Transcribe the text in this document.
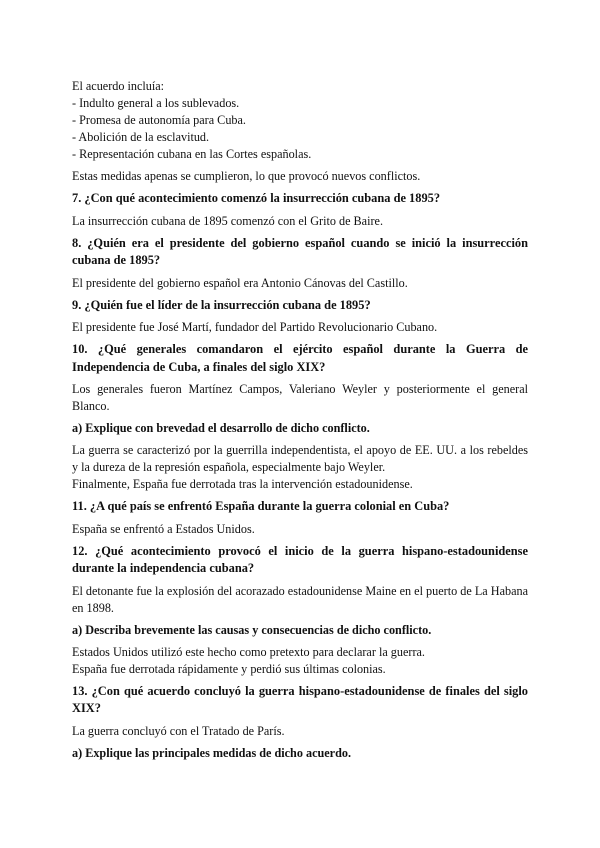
El acuerdo incluía:

- Indulto general a los sublevados.

- Promesa de autonomía para Cuba.

- Abolición de la esclavitud.

- Representación cubana en las Cortes españolas.

Estas medidas apenas se cumplieron, lo que provocó nuevos conflictos.

7. ¿Con qué acontecimiento comenzó la insurrección cubana de 1895?

La insurrección cubana de 1895 comenzó con el Grito de Baire.

8. ¿Quién era el presidente del gobierno español cuando se inició la insurrección cubana de 1895?

El presidente del gobierno español era Antonio Cánovas del Castillo.

9. ¿Quién fue el líder de la insurrección cubana de 1895?

El presidente fue José Martí, fundador del Partido Revolucionario Cubano.

10. ¿Qué generales comandaron el ejército español durante la Guerra de Independencia de Cuba, a finales del siglo XIX?

Los generales fueron Martínez Campos, Valeriano Weyler y posteriormente el general Blanco.

a) Explique con brevedad el desarrollo de dicho conflicto.

La guerra se caracterizó por la guerrilla independentista, el apoyo de EE. UU. a los rebeldes y la dureza de la represión española, especialmente bajo Weyler.

Finalmente, España fue derrotada tras la intervención estadounidense.

11. ¿A qué país se enfrentó España durante la guerra colonial en Cuba?

España se enfrentó a Estados Unidos.

12. ¿Qué acontecimiento provocó el inicio de la guerra hispano-estadounidense durante la independencia cubana?

El detonante fue la explosión del acorazado estadounidense Maine en el puerto de La Habana en 1898.

a) Describa brevemente las causas y consecuencias de dicho conflicto.

Estados Unidos utilizó este hecho como pretexto para declarar la guerra.

España fue derrotada rápidamente y perdió sus últimas colonias.

13. ¿Con qué acuerdo concluyó la guerra hispano-estadounidense de finales del siglo XIX?

La guerra concluyó con el Tratado de París.

a) Explique las principales medidas de dicho acuerdo.
